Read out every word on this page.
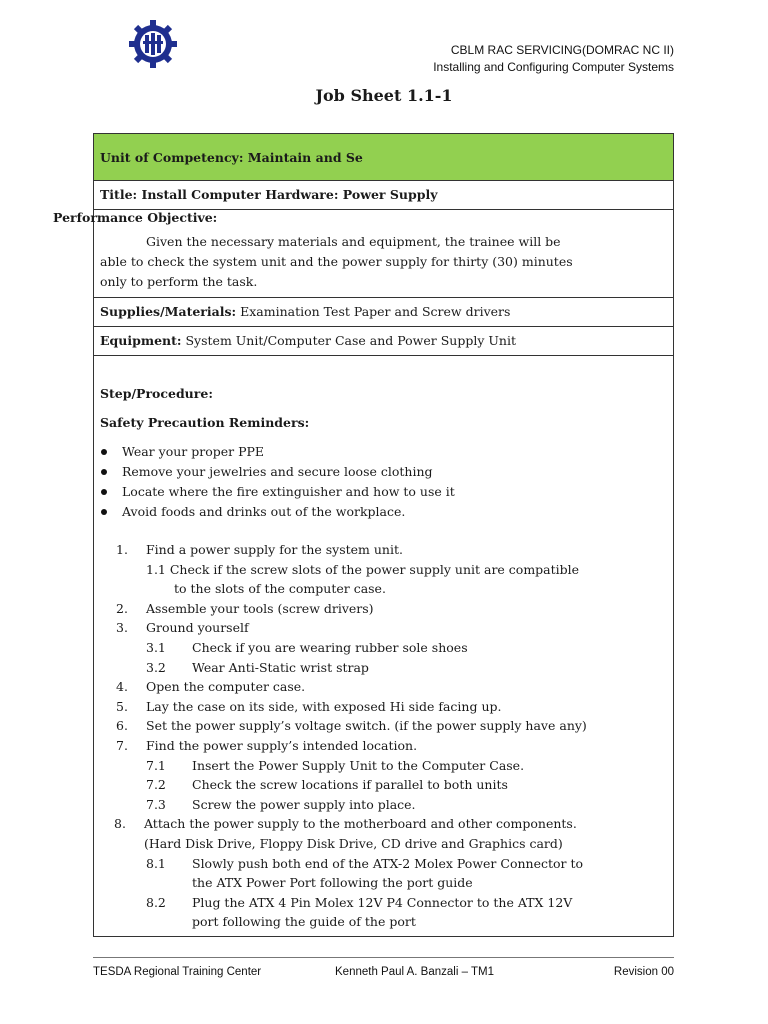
CBLM RAC SERVICING(DOMRAC NC II)
Installing and Configuring Computer Systems
Job Sheet 1.1-1
Unit of Competency: Maintain and Se
Title: Install Computer Hardware: Power Supply
Given the necessary materials and equipment, the trainee will be
able to check the system unit and the power supply for thirty (30) minutes
only to perform the task.
Supplies/Materials: Examination Test Paper and Screw drivers
Equipment: System Unit/Computer Case and Power Supply Unit
Step/Procedure:
Safety Precaution Reminders:
Wear your proper PPE
Remove your jewelries and secure loose clothing
Locate where the fire extinguisher and how to use it
Avoid foods and drinks out of the workplace.
1. Find a power supply for the system unit.
1.1 Check if the screw slots of the power supply unit are compatible
to the slots of the computer case.
2. Assemble your tools (screw drivers)
3. Ground yourself
3.1 Check if you are wearing rubber sole shoes
3.2 Wear Anti-Static wrist strap
4. Open the computer case.
5. Lay the case on its side, with exposed Hi side facing up.
6. Set the power supply’s voltage switch. (if the power supply have any)
7. Find the power supply’s intended location.
7.1 Insert the Power Supply Unit to the Computer Case.
7.2 Check the screw locations if parallel to both units
7.3 Screw the power supply into place.
8. Attach the power supply to the motherboard and other components.
(Hard Disk Drive, Floppy Disk Drive, CD drive and Graphics card)
8.1 Slowly push both end of the ATX-2 Molex Power Connector to
the ATX Power Port following the port guide
8.2 Plug the ATX 4 Pin Molex 12V P4 Connector to the ATX 12V
port following the guide of the port
Performance Objective:
TESDA Regional Training Center	Kenneth Paul A. Banzali – TM1	Revision 00
